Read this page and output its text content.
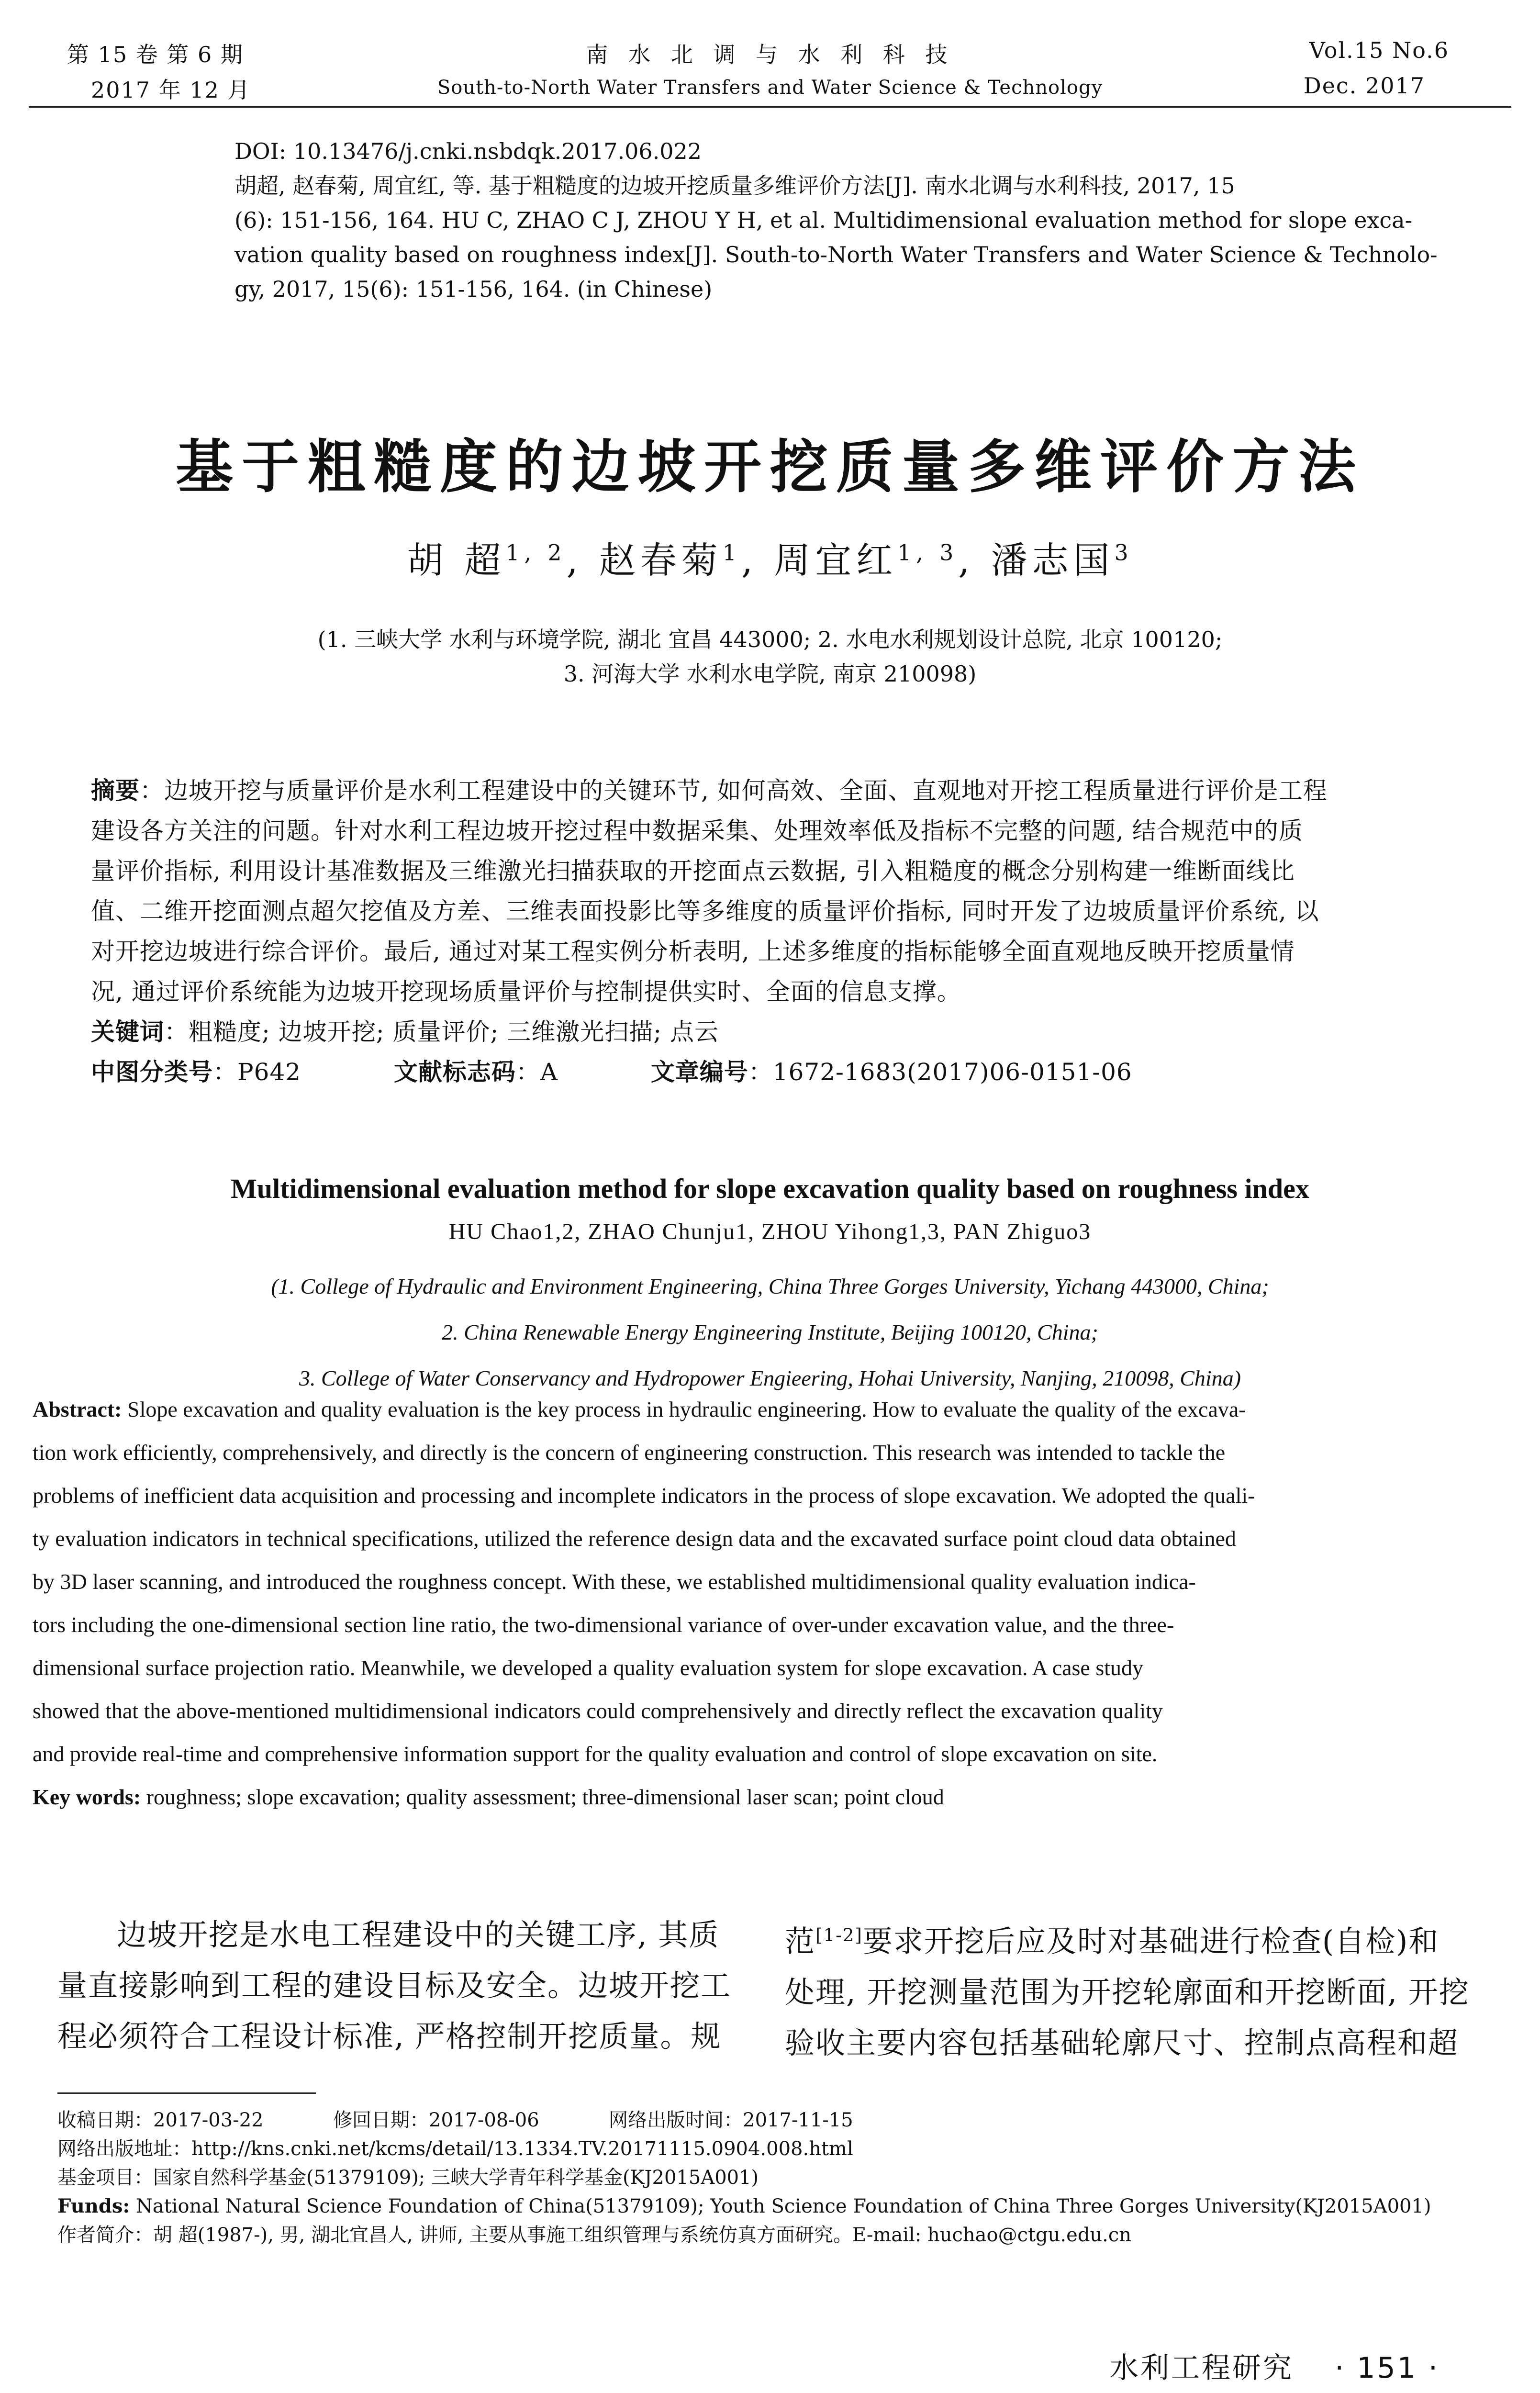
第 15 卷 第 6 期
2017 年 12 月
南 水 北 调 与 水 利 科 技
South-to-North Water Transfers and Water Science & Technology
Vol.15 No.6
Dec. 2017
DOI: 10.13476/j.cnki.nsbdqk.2017.06.022
胡超, 赵春菊, 周宜红, 等. 基于粗糙度的边坡开挖质量多维评价方法[J]. 南水北调与水利科技, 2017, 15
(6): 151-156, 164. HU C, ZHAO C J, ZHOU Y H, et al. Multidimensional evaluation method for slope exca-
vation quality based on roughness index[J]. South-to-North Water Transfers and Water Science & Technolo-
gy, 2017, 15(6): 151-156, 164. (in Chinese)
基于粗糙度的边坡开挖质量多维评价方法
胡 超$^{1, 2}$, 赵春菊$^1$, 周宜红$^{1, 3}$, 潘志国$^3$
(1. 三峡大学 水利与环境学院, 湖北 宜昌 443000; 2. 水电水利规划设计总院, 北京 100120;
3. 河海大学 水利水电学院, 南京 210098)
摘要：边坡开挖与质量评价是水利工程建设中的关键环节, 如何高效、全面、直观地对开挖工程质量进行评价是工程
建设各方关注的问题。针对水利工程边坡开挖过程中数据采集、处理效率低及指标不完整的问题, 结合规范中的质
量评价指标, 利用设计基准数据及三维激光扫描获取的开挖面点云数据, 引入粗糙度的概念分别构建一维断面线比
值、二维开挖面测点超欠挖值及方差、三维表面投影比等多维度的质量评价指标, 同时开发了边坡质量评价系统, 以
对开挖边坡进行综合评价。最后, 通过对某工程实例分析表明, 上述多维度的指标能够全面直观地反映开挖质量情
况, 通过评价系统能为边坡开挖现场质量评价与控制提供实时、全面的信息支撑。
关键词：粗糙度; 边坡开挖; 质量评价; 三维激光扫描; 点云
中图分类号：P642	文献标志码：A	文章编号：1672-1683(2017)06-0151-06
Multidimensional evaluation method for slope excavation quality based on roughness index
HU Chao1,2, ZHAO Chunju1, ZHOU Yihong1,3, PAN Zhiguo3
(1. College of Hydraulic and Environment Engineering, China Three Gorges University, Yichang 443000, China;
2. China Renewable Energy Engineering Institute, Beijing 100120, China;
3. College of Water Conservancy and Hydropower Engieering, Hohai University, Nanjing, 210098, China)
Abstract: Slope excavation and quality evaluation is the key process in hydraulic engineering. How to evaluate the quality of the excava-
tion work efficiently, comprehensively, and directly is the concern of engineering construction. This research was intended to tackle the
problems of inefficient data acquisition and processing and incomplete indicators in the process of slope excavation. We adopted the quali-
ty evaluation indicators in technical specifications, utilized the reference design data and the excavated surface point cloud data obtained
by 3D laser scanning, and introduced the roughness concept. With these, we established multidimensional quality evaluation indica-
tors including the one-dimensional section line ratio, the two-dimensional variance of over-under excavation value, and the three-
dimensional surface projection ratio. Meanwhile, we developed a quality evaluation system for slope excavation. A case study
showed that the above-mentioned multidimensional indicators could comprehensively and directly reflect the excavation quality
and provide real-time and comprehensive information support for the quality evaluation and control of slope excavation on site.
Key words: roughness; slope excavation; quality assessment; three-dimensional laser scan; point cloud
边坡开挖是水电工程建设中的关键工序, 其质
量直接影响到工程的建设目标及安全。边坡开挖工
程必须符合工程设计标准, 严格控制开挖质量。规
范[1-2]要求开挖后应及时对基础进行检查(自检)和
处理, 开挖测量范围为开挖轮廓面和开挖断面, 开挖
验收主要内容包括基础轮廓尺寸、控制点高程和超
收稿日期：2017-03-22	修回日期：2017-08-06	网络出版时间：2017-11-15
网络出版地址：http://kns.cnki.net/kcms/detail/13.1334.TV.20171115.0904.008.html
基金项目：国家自然科学基金(51379109); 三峡大学青年科学基金(KJ2015A001)
Funds: National Natural Science Foundation of China(51379109); Youth Science Foundation of China Three Gorges University(KJ2015A001)
作者简介：胡 超(1987-), 男, 湖北宜昌人, 讲师, 主要从事施工组织管理与系统仿真方面研究。E-mail: huchao@ctgu.edu.cn
水利工程研究 · 151 ·
